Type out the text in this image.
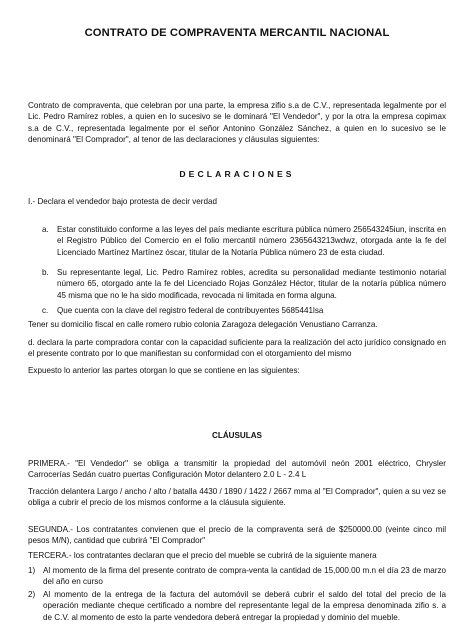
CONTRATO DE COMPRAVENTA MERCANTIL NACIONAL

Contrato de compraventa, que celebran por una parte, la empresa zifio s.a de C.V., representada legalmente por el Lic. Pedro Ramírez robles, a quien en lo sucesivo se le dominará "El Vendedor", y por la otra la empresa copimax s.a de C.V., representada legalmente por el señor Antonino González Sánchez, a quien en lo sucesivo se le denominará "El Comprador", al tenor de las declaraciones y cláusulas siguientes:

DECLARACIONES

I.- Declara el vendedor bajo protesta de decir verdad

a. Estar constituido conforme a las leyes del país mediante escritura pública número 256543245iun, inscrita en el Registro Público del Comercio en el folio mercantil número 2365643213wdwz, otorgada ante la fe del Licenciado Martínez Martínez óscar, titular de la Notaría Pública número 23 de esta ciudad.
b. Su representante legal, Lic. Pedro Ramírez robles, acredita su personalidad mediante testimonio notarial número 65, otorgado ante la fe del Licenciado Rojas González Héctor, titular de la notaría pública número 45 misma que no le ha sido modificada, revocada ni limitada en forma alguna.
c. Que cuenta con la clave del registro federal de contribuyentes 5685441lsa

Tener su domicilio fiscal en calle romero rubio colonia Zaragoza delegación Venustiano Carranza.

d. declara la parte compradora contar con la capacidad suficiente para la realización del acto jurídico consignado en el presente contrato por lo que manifiestan su conformidad con el otorgamiento del mismo

Expuesto lo anterior las partes otorgan lo que se contiene en las siguientes:

CLÁUSULAS

PRIMERA.- "El Vendedor" se obliga a transmitir la propiedad del automóvil neón 2001 eléctrico, Chrysler Carrocerías Sedán cuatro puertas Configuración Motor delantero 2.0 L - 2.4 L

Tracción delantera Largo / ancho / alto / batalla 4430 / 1890 / 1422 / 2667 mma al "El Comprador", quien a su vez se obliga a cubrir el precio de los mismos conforme a la cláusula siguiente.

SEGUNDA.- Los contratantes convienen que el precio de la compraventa será de $250000.00 (veinte cinco mil pesos M/N), cantidad que cubrirá "El Comprador"

TERCERA.- los contratantes declaran que el precio del mueble se cubrirá de la siguiente manera

1) Al momento de la firma del presente contrato de compra-venta la cantidad de 15,000.00 m.n el día 23 de marzo del año en curso
2) Al momento de la entrega de la factura del automóvil se deberá cubrir el saldo del total del precio de la operación mediante cheque certificado a nombre del representante legal de la empresa denominada zifio s. a de C.V. al momento de esto la parte vendedora deberá entregar la propiedad y dominio del mueble.
